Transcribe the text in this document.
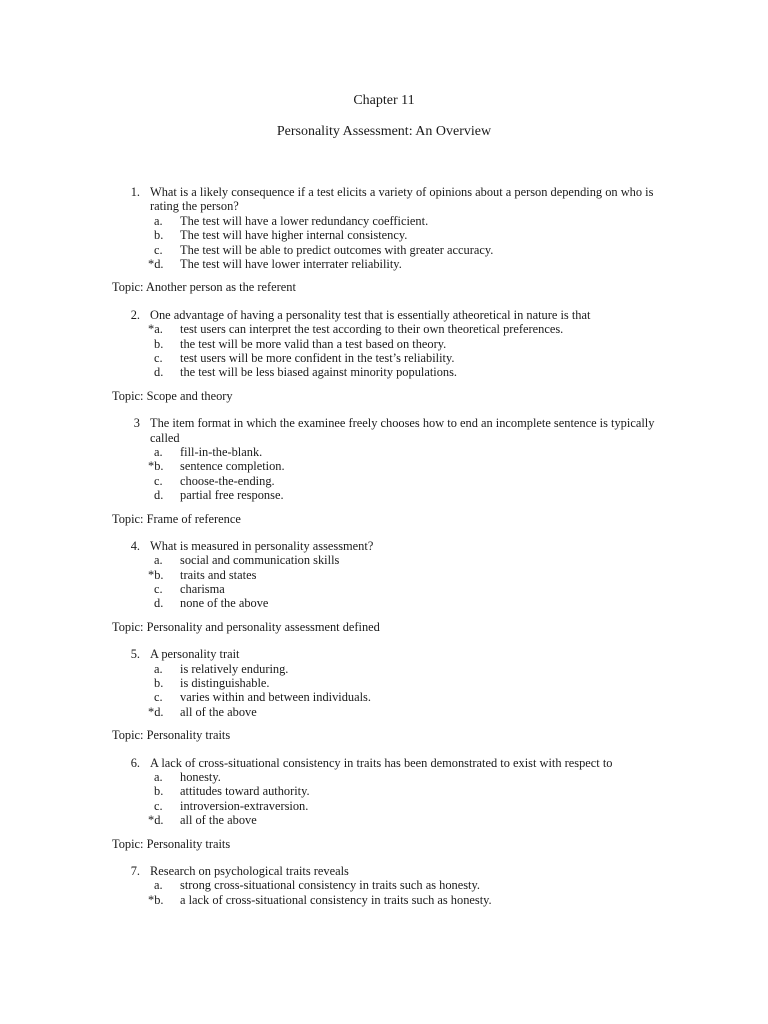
Chapter 11
Personality Assessment: An Overview
1. What is a likely consequence if a test elicits a variety of opinions about a person depending on who is rating the person?
a.	The test will have a lower redundancy coefficient.
b.	The test will have higher internal consistency.
c.	The test will be able to predict outcomes with greater accuracy.
*d.	The test will have lower interrater reliability.
Topic: Another person as the referent
2. One advantage of having a personality test that is essentially atheoretical in nature is that
*a.	test users can interpret the test according to their own theoretical preferences.
b.	the test will be more valid than a test based on theory.
c.	test users will be more confident in the test’s reliability.
d.	the test will be less biased against minority populations.
Topic: Scope and theory
3 The item format in which the examinee freely chooses how to end an incomplete sentence is typically called
a.	fill-in-the-blank.
*b.	sentence completion.
c.	choose-the-ending.
d.	partial free response.
Topic: Frame of reference
4. What is measured in personality assessment?
a.	social and communication skills
*b.	traits and states
c.	charisma
d.	none of the above
Topic: Personality and personality assessment defined
5. A personality trait
a.	is relatively enduring.
b.	is distinguishable.
c.	varies within and between individuals.
*d.	all of the above
Topic: Personality traits
6. A lack of cross-situational consistency in traits has been demonstrated to exist with respect to
a.	honesty.
b.	attitudes toward authority.
c.	introversion-extraversion.
*d.	all of the above
Topic: Personality traits
7. Research on psychological traits reveals
a.	strong cross-situational consistency in traits such as honesty.
*b.	a lack of cross-situational consistency in traits such as honesty.
